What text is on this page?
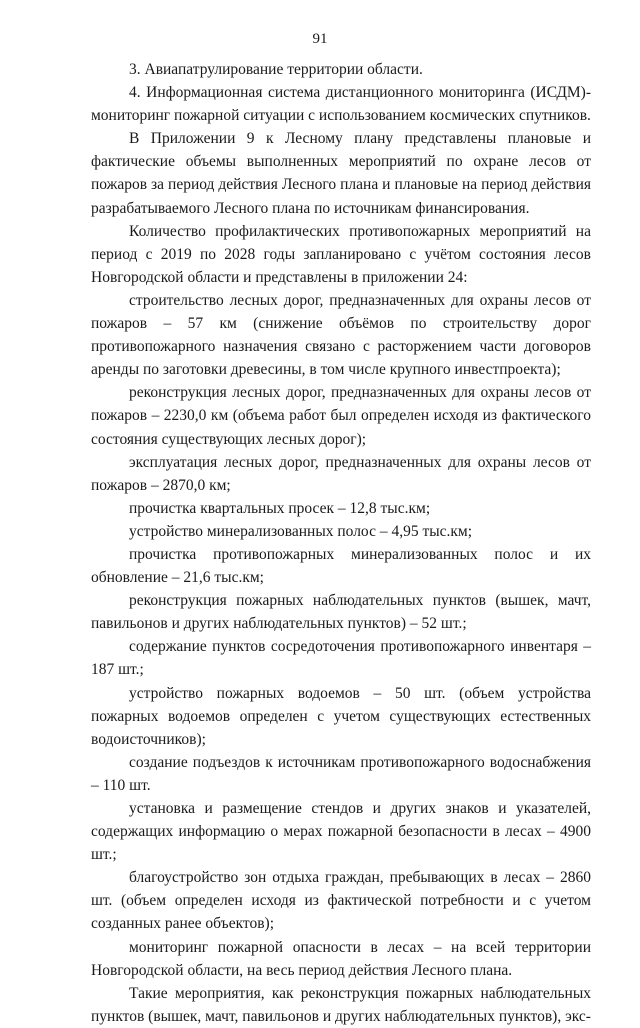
91

3. Авиапатрулирование территории области.

4. Информационная система дистанционного мониторинга (ИСДМ)-мониторинг пожарной ситуации с использованием космических спутников.

В Приложении 9 к Лесному плану представлены плановые и фактические объемы выполненных мероприятий по охране лесов от пожаров за период действия Лесного плана и плановые на период действия разрабатываемого Лесного плана по источникам финансирования.

Количество профилактических противопожарных мероприятий на период с 2019 по 2028 годы запланировано с учётом состояния лесов Новгородской области и представлены в приложении 24:

строительство лесных дорог, предназначенных для охраны лесов от пожаров – 57 км (снижение объёмов по строительству дорог противопожарного назначения связано с расторжением части договоров аренды по заготовки древесины, в том числе крупного инвестпроекта);

реконструкция лесных дорог, предназначенных для охраны лесов от пожаров – 2230,0 км (объема работ был определен исходя из фактического состояния существующих лесных дорог);

эксплуатация лесных дорог, предназначенных для охраны лесов от пожаров – 2870,0 км;

прочистка квартальных просек – 12,8 тыс.км;

устройство минерализованных полос – 4,95 тыс.км;

прочистка противопожарных минерализованных полос и их обновление – 21,6 тыс.км;

реконструкция пожарных наблюдательных пунктов (вышек, мачт, павильонов и других наблюдательных пунктов) – 52 шт.;

содержание пунктов сосредоточения противопожарного инвентаря – 187 шт.;

устройство пожарных водоемов – 50 шт. (объем устройства пожарных водоемов определен с учетом существующих естественных водоисточников);

создание подъездов к источникам противопожарного водоснабжения – 110 шт.

установка и размещение стендов и других знаков и указателей, содержащих информацию о мерах пожарной безопасности в лесах – 4900 шт.;

благоустройство зон отдыха граждан, пребывающих в лесах – 2860 шт. (объем определен исходя из фактической потребности и с учетом созданных ранее объектов);

мониторинг пожарной опасности в лесах – на всей территории Новгородской области, на весь период действия Лесного плана.

Такие мероприятия, как реконструкция пожарных наблюдательных пунктов (вышек, мачт, павильонов и других наблюдательных пунктов), экс-
